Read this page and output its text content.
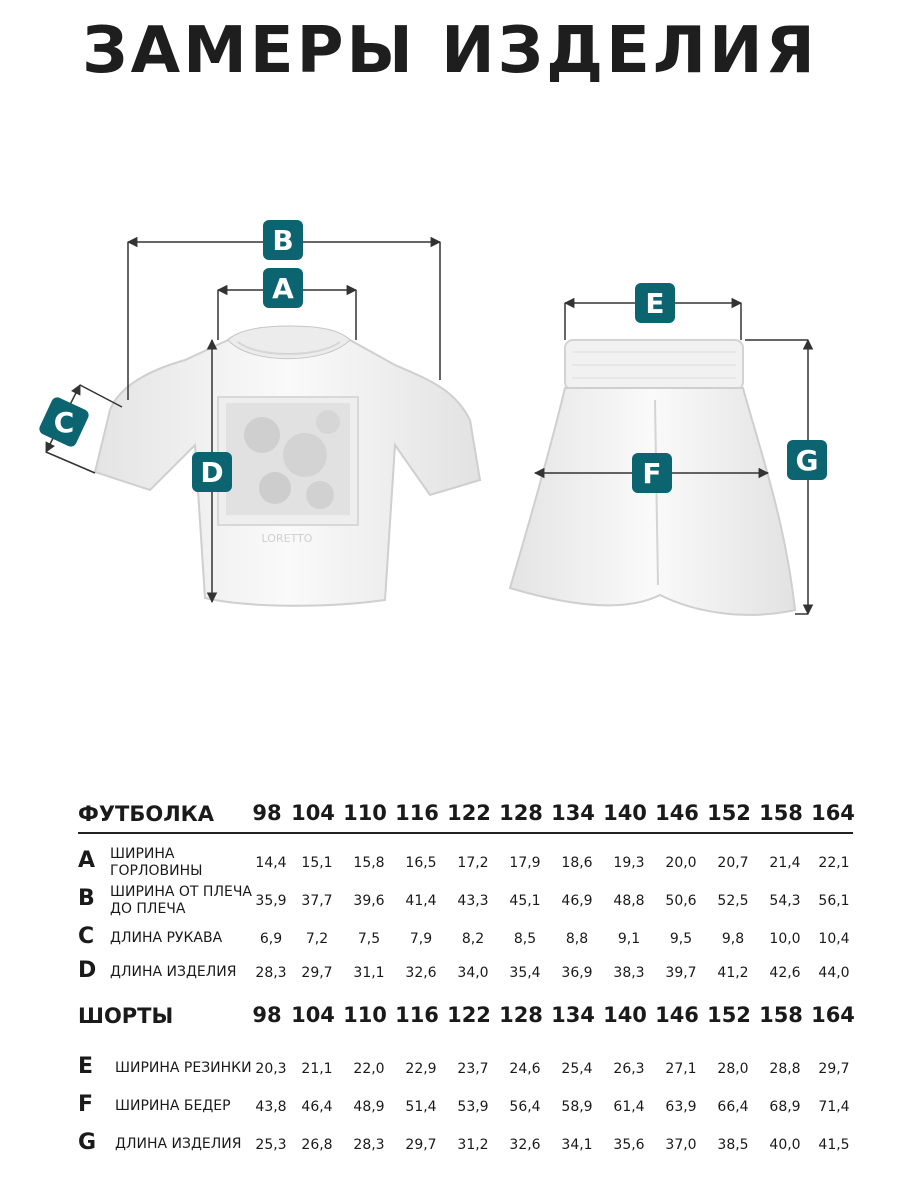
ЗАМЕРЫ ИЗДЕЛИЯ
LORETTO
B
A
C
D
E
F	G
ФУТБОЛКА	98 104 110 116 122 128 134 140 146 152 158 164
A ШИРИНА ГОРЛОВИНЫ	14,4	15,1	15,8	16,5	17,2	17,9	18,6	19,3	20,0	20,7	21,4	22,1
B ШИРИНА ОТ ПЛЕЧА ДО ПЛЕЧА	35,9	37,7	39,6	41,4	43,3	45,1	46,9	48,8	50,6	52,5	54,3	56,1
C ДЛИНА РУКАВА	6,9	7,2	7,5	7,9	8,2	8,5	8,8	9,1	9,5	9,8	10,0	10,4
D ДЛИНА ИЗДЕЛИЯ	28,3	29,7	31,1	32,6	34,0	35,4	36,9	38,3	39,7	41,2	42,6	44,0
ШОРТЫ	98 104 110 116 122 128 134 140 146 152 158 164
E ШИРИНА РЕЗИНКИ 20,3	21,1	22,0	22,9	23,7	24,6	25,4	26,3	27,1	28,0	28,8	29,7
F ШИРИНА БЕДЕР	43,8	46,4	48,9	51,4	53,9	56,4	58,9	61,4	63,9	66,4	68,9	71,4
G ДЛИНА ИЗДЕЛИЯ 25,3	26,8	28,3	29,7	31,2	32,6	34,1	35,6	37,0	38,5	40,0	41,5
